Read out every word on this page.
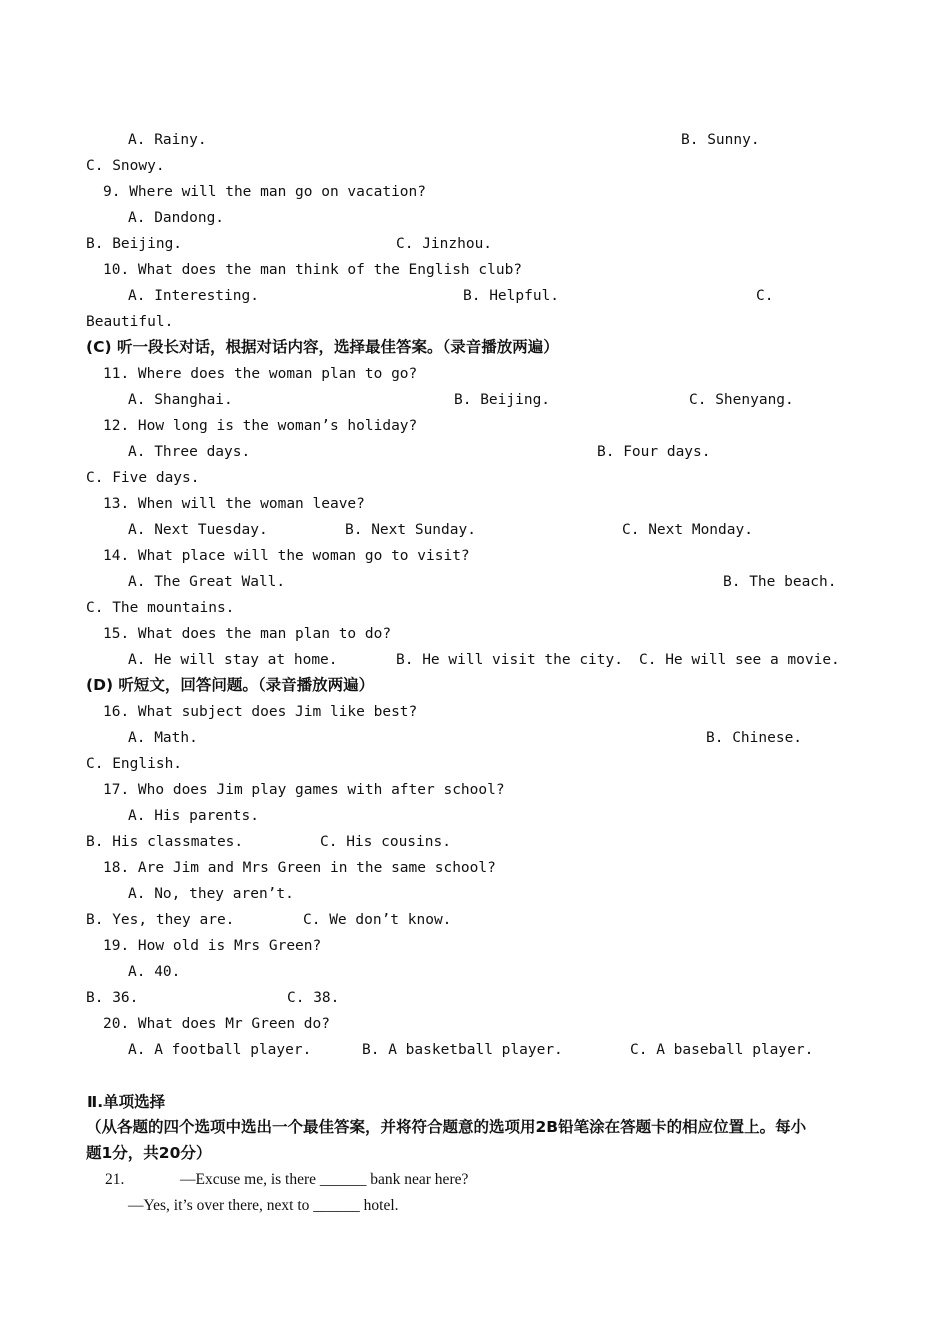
A. Rainy.	B. Sunny.
C. Snowy.
9. Where will the man go on vacation?
A. Dandong.
B. Beijing.	C. Jinzhou.
10. What does the man think of the English club?
A. Interesting.	B. Helpful.	C.
Beautiful.
(C) 听一段长对话，根据对话内容，选择最佳答案。（录音播放两遍）
11. Where does the woman plan to go?
A. Shanghai.	B. Beijing.	C. Shenyang.
12. How long is the woman’s holiday?
A. Three days.	B. Four days.
C. Five days.
13. When will the woman leave?
A. Next Tuesday.	B. Next Sunday.	C. Next Monday.
14. What place will the woman go to visit?
A. The Great Wall.	B. The beach.
C. The mountains.
15. What does the man plan to do?
A. He will stay at home.	B. He will visit the city. C. He will see a movie.
(D) 听短文，回答问题。（录音播放两遍）
16. What subject does Jim like best?
A. Math.	B. Chinese.
C. English.
17. Who does Jim play games with after school?
A. His parents.
B. His classmates.	C. His cousins.
18. Are Jim and Mrs Green in the same school?
A. No, they aren’t.
B. Yes, they are.	C. We don’t know.
19. How old is Mrs Green?
A. 40.
B. 36.	C. 38.
20. What does Mr Green do?
A. A football player.	B. A basketball player.	C. A baseball player.
Ⅱ.单项选择
（从各题的四个选项中选出一个最佳答案，并将符合题意的选项用2B铅笔涂在答题卡的相应位置上。每小
题1分，共20分）
21.	—Excuse me, is there ______ bank near here?
—Yes, it’s over there, next to ______ hotel.
